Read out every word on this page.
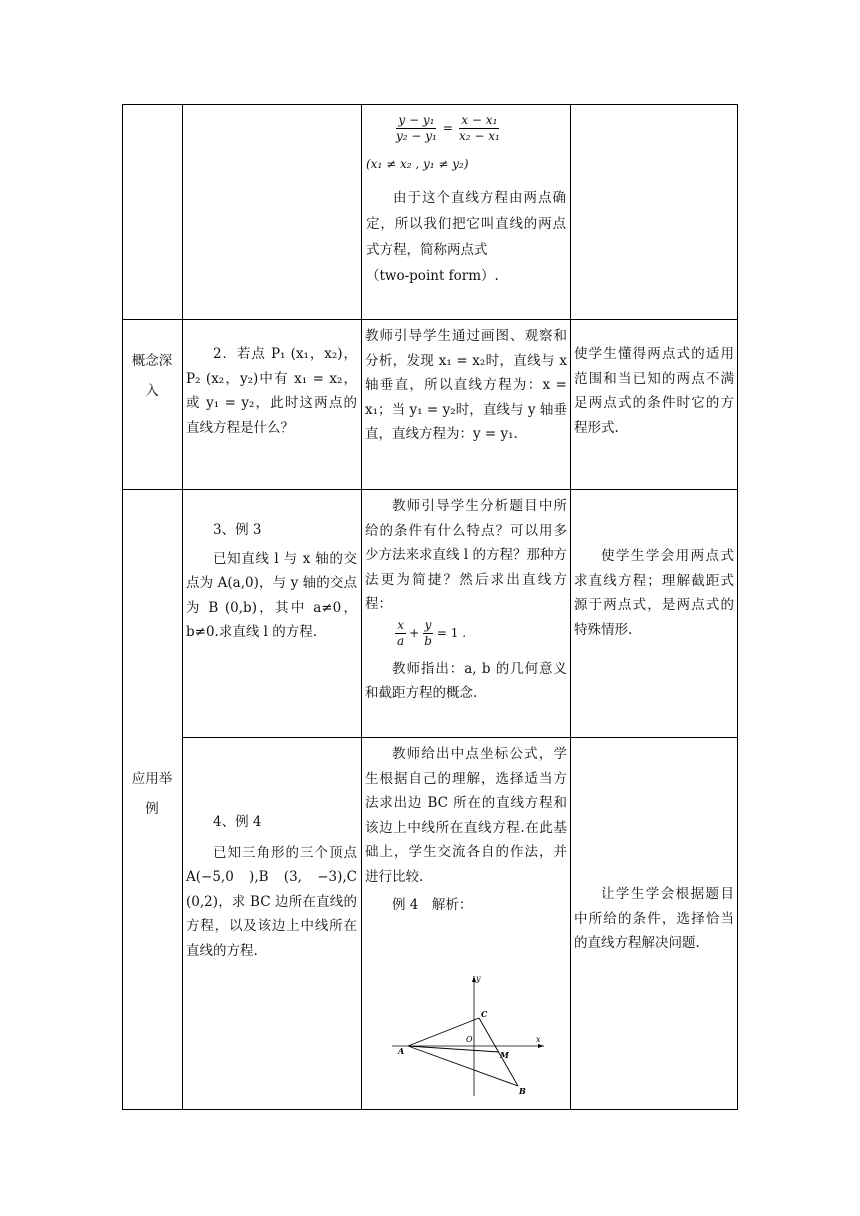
$\frac{\text{y − y₁}}{\text{y₂ − y₁}} = \frac{\text{x − x₁}}{\text{x₂ − x₁}}$

(x₁ ≠ x₂ , y₁ ≠ y₂)

由于这个直线方程由两点确定，所以我们把它叫直线的两点式方程，简称两点式

（two-point form）.

概念深入

2．若点 P₁ (x₁，x₂)，P₂ (x₂，y₂)中有 x₁ = x₂，或 y₁ = y₂，此时这两点的直线方程是什么？

教师引导学生通过画图、观察和分析，发现 x₁ = x₂时，直线与 x 轴垂直，所以直线方程为：x = x₁；当 y₁ = y₂时，直线与 y 轴垂直，直线方程为：y = y₁.

使学生懂得两点式的适用范围和当已知的两点不满足两点式的条件时它的方程形式.

应用举例

3、例 3

已知直线 l 与 x 轴的交点为 A(a,0)，与 y 轴的交点为 B (0,b)，其中 a≠0，b≠0.求直线 l 的方程.

教师引导学生分析题目中所给的条件有什么特点？可以用多少方法来求直线 l 的方程？那种方法更为简捷？然后求出直线方程：

$\frac{x}{a} + \frac{y}{b} = 1$ .

教师指出：a, b 的几何意义和截距方程的概念.

使学生学会用两点式求直线方程；理解截距式源于两点式，是两点式的特殊情形.

4、例 4

已知三角形的三个顶点 A(−5,0 ),B (3, −3),C (0,2)，求 BC 边所在直线的方程，以及该边上中线所在直线的方程.

教师给出中点坐标公式，学生根据自己的理解，选择适当方法求出边 BC 所在的直线方程和该边上中线所在直线方程.在此基础上，学生交流各自的作法，并进行比较.

例 4　解析：

让学生学会根据题目中所给的条件，选择恰当的直线方程解决问题.

y
x
O
A
C
M
B
